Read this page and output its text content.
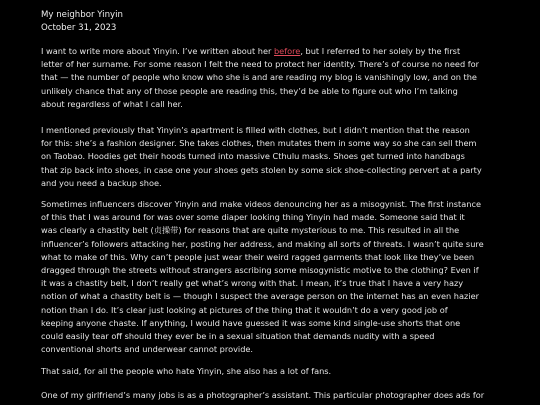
My neighbor Yinyin
October 31, 2023
I want to write more about Yinyin. I’ve written about her before, but I referred to her solely by the first
letter of her surname. For some reason I felt the need to protect her identity. There’s of course no need for
that — the number of people who know who she is and are reading my blog is vanishingly low, and on the
unlikely chance that any of those people are reading this, they’d be able to figure out who I’m talking
about regardless of what I call her.
I mentioned previously that Yinyin’s apartment is filled with clothes, but I didn’t mention that the reason
for this: she’s a fashion designer. She takes clothes, then mutates them in some way so she can sell them
on Taobao. Hoodies get their hoods turned into massive Cthulu masks. Shoes get turned into handbags
that zip back into shoes, in case one your shoes gets stolen by some sick shoe-collecting pervert at a party
and you need a backup shoe.
Sometimes influencers discover Yinyin and make videos denouncing her as a misogynist. The first instance
of this that I was around for was over some diaper looking thing Yinyin had made. Someone said that it
was clearly a chastity belt (贞操带) for reasons that are quite mysterious to me. This resulted in all the
influencer’s followers attacking her, posting her address, and making all sorts of threats. I wasn’t quite sure
what to make of this. Why can’t people just wear their weird ragged garments that look like they’ve been
dragged through the streets without strangers ascribing some misogynistic motive to the clothing? Even if
it was a chastity belt, I don’t really get what’s wrong with that. I mean, it’s true that I have a very hazy
notion of what a chastity belt is — though I suspect the average person on the internet has an even hazier
notion than I do. It’s clear just looking at pictures of the thing that it wouldn’t do a very good job of
keeping anyone chaste. If anything, I would have guessed it was some kind single-use shorts that one
could easily tear off should they ever be in a sexual situation that demands nudity with a speed
conventional shorts and underwear cannot provide.
That said, for all the people who hate Yinyin, she also has a lot of fans.
One of my girlfriend’s many jobs is as a photographer’s assistant. This particular photographer does ads for
